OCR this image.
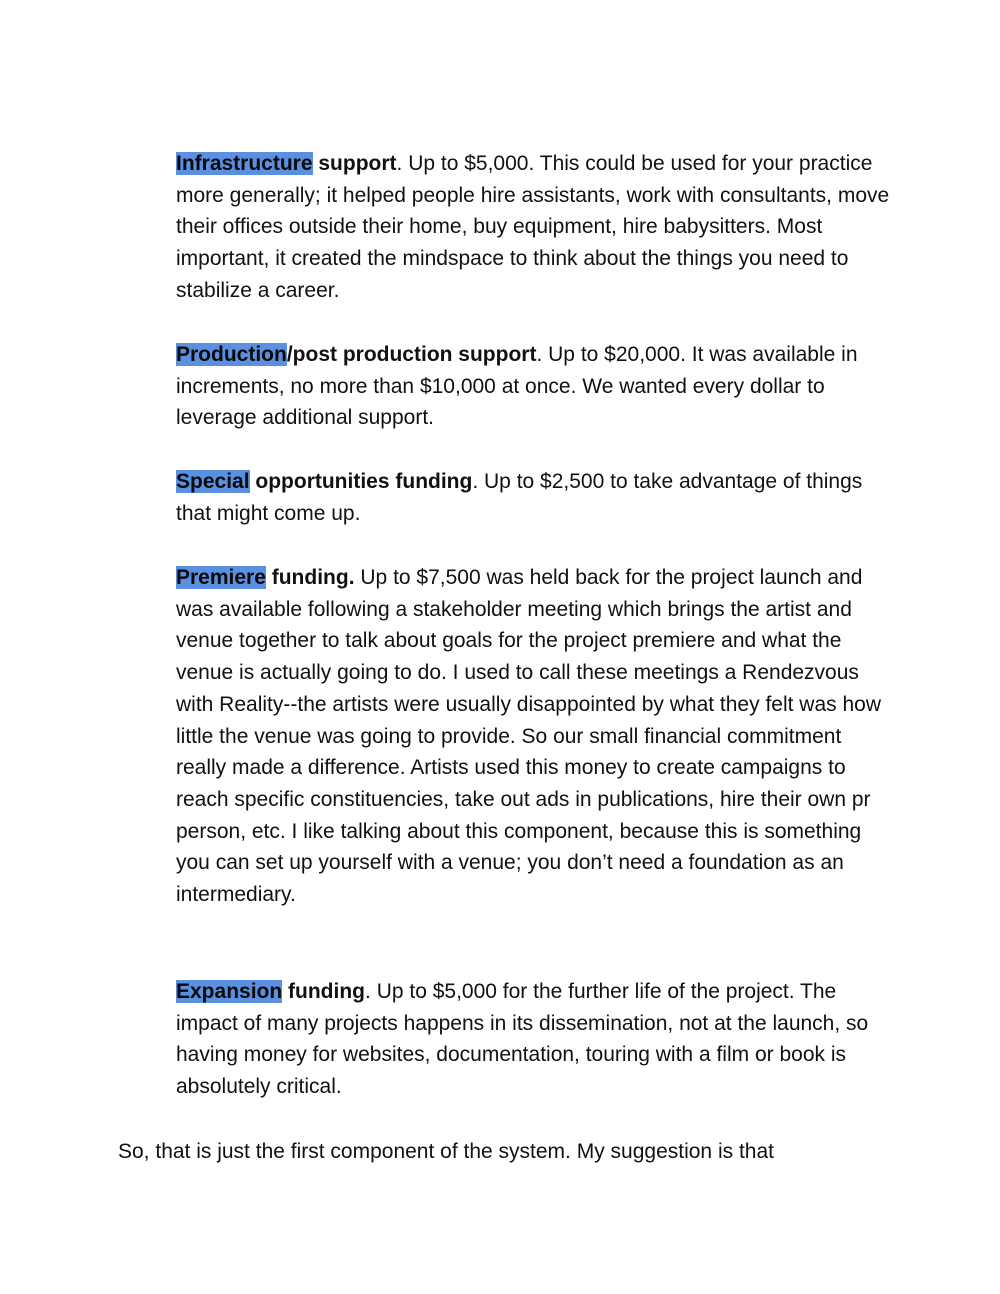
Infrastructure support. Up to $5,000. This could be used for your practice more generally; it helped people hire assistants, work with consultants, move their offices outside their home, buy equipment, hire babysitters. Most important, it created the mindspace to think about the things you need to stabilize a career.

Production/post production support. Up to $20,000. It was available in increments, no more than $10,000 at once. We wanted every dollar to leverage additional support.

Special opportunities funding. Up to $2,500 to take advantage of things that might come up.

Premiere funding. Up to $7,500 was held back for the project launch and was available following a stakeholder meeting which brings the artist and venue together to talk about goals for the project premiere and what the venue is actually going to do. I used to call these meetings a Rendezvous with Reality--the artists were usually disappointed by what they felt was how little the venue was going to provide. So our small financial commitment really made a difference. Artists used this money to create campaigns to reach specific constituencies, take out ads in publications, hire their own pr person, etc. I like talking about this component, because this is something you can set up yourself with a venue; you don’t need a foundation as an intermediary.

Expansion funding. Up to $5,000 for the further life of the project. The impact of many projects happens in its dissemination, not at the launch, so having money for websites, documentation, touring with a film or book is absolutely critical.

So, that is just the first component of the system. My suggestion is that
